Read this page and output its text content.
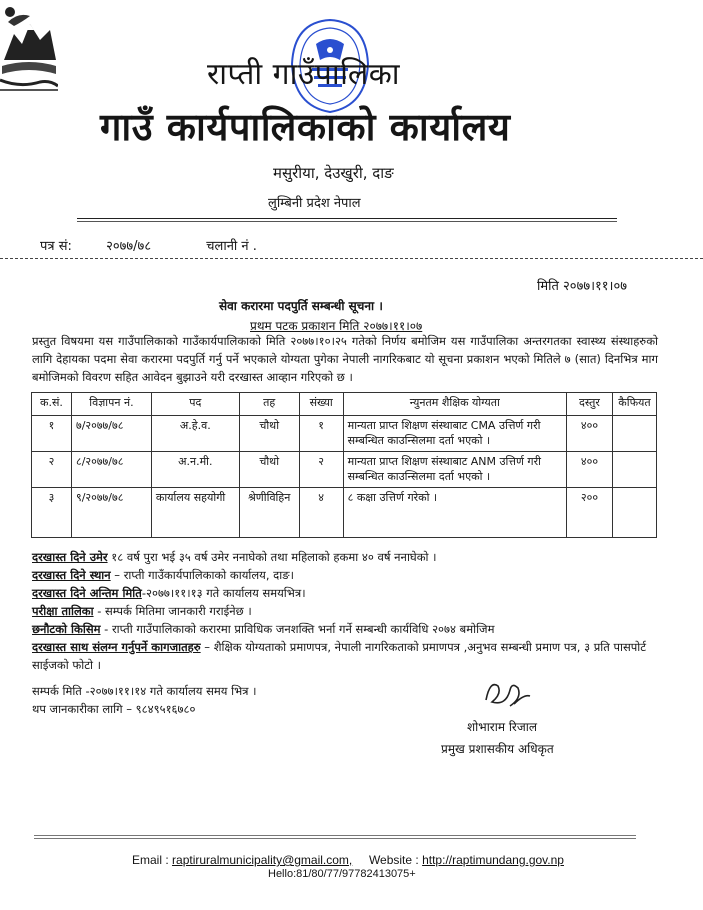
राप्ती गाउँपालिका
गाउँ कार्यपालिकाको कार्यालय
मसुरीया, देउखुरी, दाङ
लुम्बिनी प्रदेश नेपाल
पत्र सं:	२०७७/७८	चलानी नं .
मिति २०७७।११।०७
सेवा करारमा पदपुर्ति सम्बन्धी सूचना ।
प्रथम पटक प्रकाशन मिति २०७७।११।०७
प्रस्तुत विषयमा यस गाउँपालिकाको गाउँकार्यपालिकाको मिति २०७७।१०।२५ गतेको निर्णय बमोजिम यस गाउँपालिका अन्तरगतका स्वास्थ्य संस्थाहरुको लागि देहायका पदमा सेवा करारमा पदपुर्ति गर्नु पर्ने भएकाले योग्यता पुगेका नेपाली नागरिकबाट यो सूचना प्रकाशन भएको मितिले ७ (सात) दिनभित्र माग बमोजिमको विवरण सहित आवेदन बुझाउने यरी दरखास्त आव्हान गरिएको छ ।
क.सं.	विज्ञापन नं.	पद	तह	संख्या	न्युनतम शैक्षिक योग्यता	दस्तुर	कैफियत
१	७/२०७७/७८	अ.हे.व.	चौथो	१	मान्यता प्राप्त शिक्षण संस्थाबाट CMA उत्तिर्ण गरी सम्बन्धित काउन्सिलमा दर्ता भएको ।	४००	
२	८/२०७७/७८	अ.न.मी.	चौथो	२	मान्यता प्राप्त शिक्षण संस्थाबाट ANM उत्तिर्ण गरी सम्बन्धित काउन्सिलमा दर्ता भएको ।	४००	
३	९/२०७७/७८	कार्यालय सहयोगी	श्रेणीविहिन	४	८ कक्षा उत्तिर्ण गरेको ।	२००	
दरखास्त दिने उमेर १८ वर्ष पुरा भई ३५ वर्ष उमेर ननाघेको तथा महिलाको हकमा ४० वर्ष ननाघेको ।
दरखास्त दिने स्थान – राप्ती गाउँकार्यपालिकाको कार्यालय, दाङ।
दरखास्त दिने अन्तिम मिति-२०७७।११।१३ गते कार्यालय समयभित्र।
परीक्षा तालिका - सम्पर्क मितिमा जानकारी गराईनेछ ।
छनौटको किसिम - राप्ती गाउँपालिकाको करारमा प्राविधिक जनशक्ति भर्ना गर्ने सम्बन्धी कार्यविधि २०७४ बमोजिम
दरखास्त साथ संलग्न गर्नुपर्ने कागजातहरु – शैक्षिक योग्यताको प्रमाणपत्र, नेपाली नागरिकताको प्रमाणपत्र ,अनुभव सम्बन्धी प्रमाण पत्र, ३ प्रति पासपोर्ट साईजको फोटो ।
सम्पर्क मिति -२०७७।११।१४ गते कार्यालय समय भित्र ।
थप जानकारीका लागि – ९८४९५१६७८०
शोभाराम रिजाल
प्रमुख प्रशासकीय अधिकृत
Email : raptiruralmunicipality@gmail.com, Website : http://raptimundang.gov.np
Hello:81/80/77/97782413075+
